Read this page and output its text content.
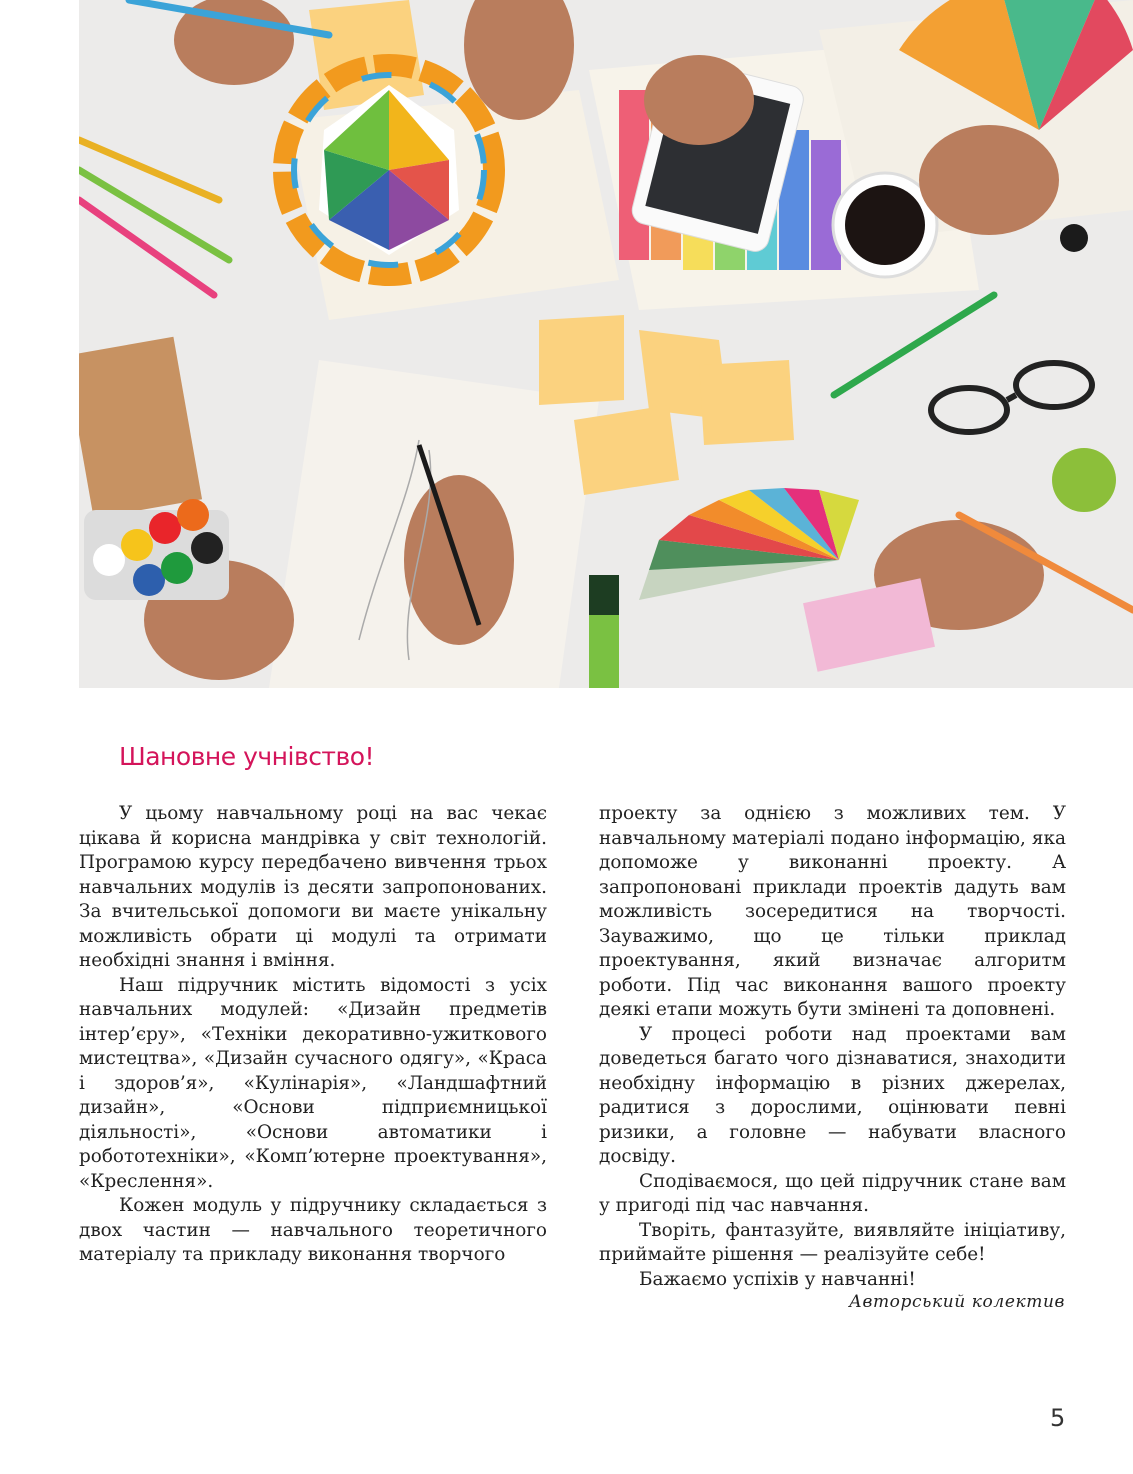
Шановне учнівство!

У цьому навчальному році на вас чекає цікава й корисна мандрівка у світ технологій. Програмою курсу передбачено вивчення трьох навчальних модулів із десяти запропонованих. За вчительської допомоги ви маєте унікальну можливість обрати ці модулі та отримати необхідні знання і вміння.

Наш підручник містить відомості з усіх навчальних модулей: «Дизайн предметів інтер’єру», «Техніки декоративно-ужиткового мистецтва», «Дизайн сучасного одягу», «Краса і здоров’я», «Кулінарія», «Ландшафтний дизайн», «Основи підприємницької діяльності», «Основи автоматики і робототехніки», «Комп’ютерне проектування», «Креслення».

Кожен модуль у підручнику складається з двох частин — навчального теоретичного матеріалу та прикладу виконання творчого

проекту за однією з можливих тем. У навчальному матеріалі подано інформацію, яка допоможе у виконанні проекту. А запропоновані приклади проектів дадуть вам можливість зосередитися на творчості. Зауважимо, що це тільки приклад проектування, який визначає алгоритм роботи. Під час виконання вашого проекту деякі етапи можуть бути змінені та доповнені.

У процесі роботи над проектами вам доведеться багато чого дізнаватися, знаходити необхідну інформацію в різних джерелах, радитися з дорослими, оцінювати певні ризики, а головне — набувати власного досвіду.

Сподіваємося, що цей підручник стане вам у пригоді під час навчання.

Творіть, фантазуйте, виявляйте ініціативу, приймайте рішення — реалізуйте себе!

Бажаємо успіхів у навчанні!

Авторський колектив

5
